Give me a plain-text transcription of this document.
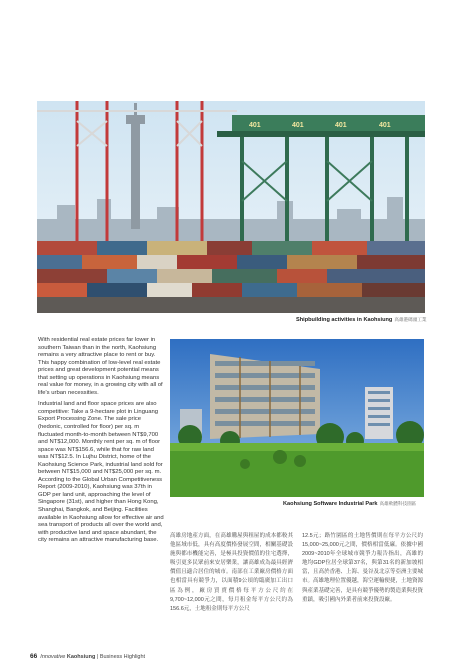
401	401	401	401
Shipbuilding activities in Kaohsiung 高雄港碼頭工業
Kaohsiung Software Industrial Park 高雄軟體科技園區

With residential real estate prices far lower in southern Taiwan than in the north, Kaohsiung remains a very attractive place to rent or buy. This happy combination of low-level real estate prices and great development potential means that setting up operations in Kaohsiung means real value for money, in a growing city with all of life's urban necessities.

Industrial land and floor space prices are also competitive: Take a 9-hectare plot in Linguang Export Processing Zone. The sale price (hedonic, controlled for floor) per sq. m fluctuated month-to-month between NT$9,700 and NT$12,000. Monthly rent per sq. m of floor space was NT$156.6, while that for raw land was NT$12.5. In Lujhu District, home of the Kaohsiung Science Park, industrial land sold for between NT$15,000 and NT$25,000 per sq. m. According to the Global Urban Competitiveness Report (2009-2010), Kaohsiung was 37th in GDP per land unit, approaching the level of Singapore (31st), and higher than Hong Kong, Shanghai, Bangkok, and Beijing. Facilities available in Kaohsiung allow for effective air and sea transport of products all over the world and, with productive land and space abundant, the city remains an attractive manufacturing base.

高雄房地產方面，在高雄購屋與租屋的成本都較其他區域市低，具有高度價格發展空間，相關基礎設施與都市機能完善，是極具投資價值的住宅選擇，吸引更多民眾前來安居樂業，讓高雄成為最具經濟價值且適合居住的城市。南部在工業廠房價格方面也相當具有競爭力，以面積9公頃的臨廣加工出口區為例，廠房買賣價格每平方公尺約在9,700~12,000元之間，每月租金每平方公尺約為156.6元，土地租金則每平方公尺

12.5元；路竹園區的土地售價則在每平方公尺約15,000~25,000元之間，價格相當低廉。依據中國2009~2010年全球城市競爭力報告指出，高雄的地均GDP位居全球第37名，與第31名的新加坡相當，且高於香港、上海、曼谷及北京等亞洲主要城市。高雄地理位置優越，海空運輸便捷，土地資源與產業基礎完善，是具有競爭優勢的製造業與投資重鎮，吸引國內外業者前來投資設廠。

66 Innovative Kaohsiung | Business Highlight
